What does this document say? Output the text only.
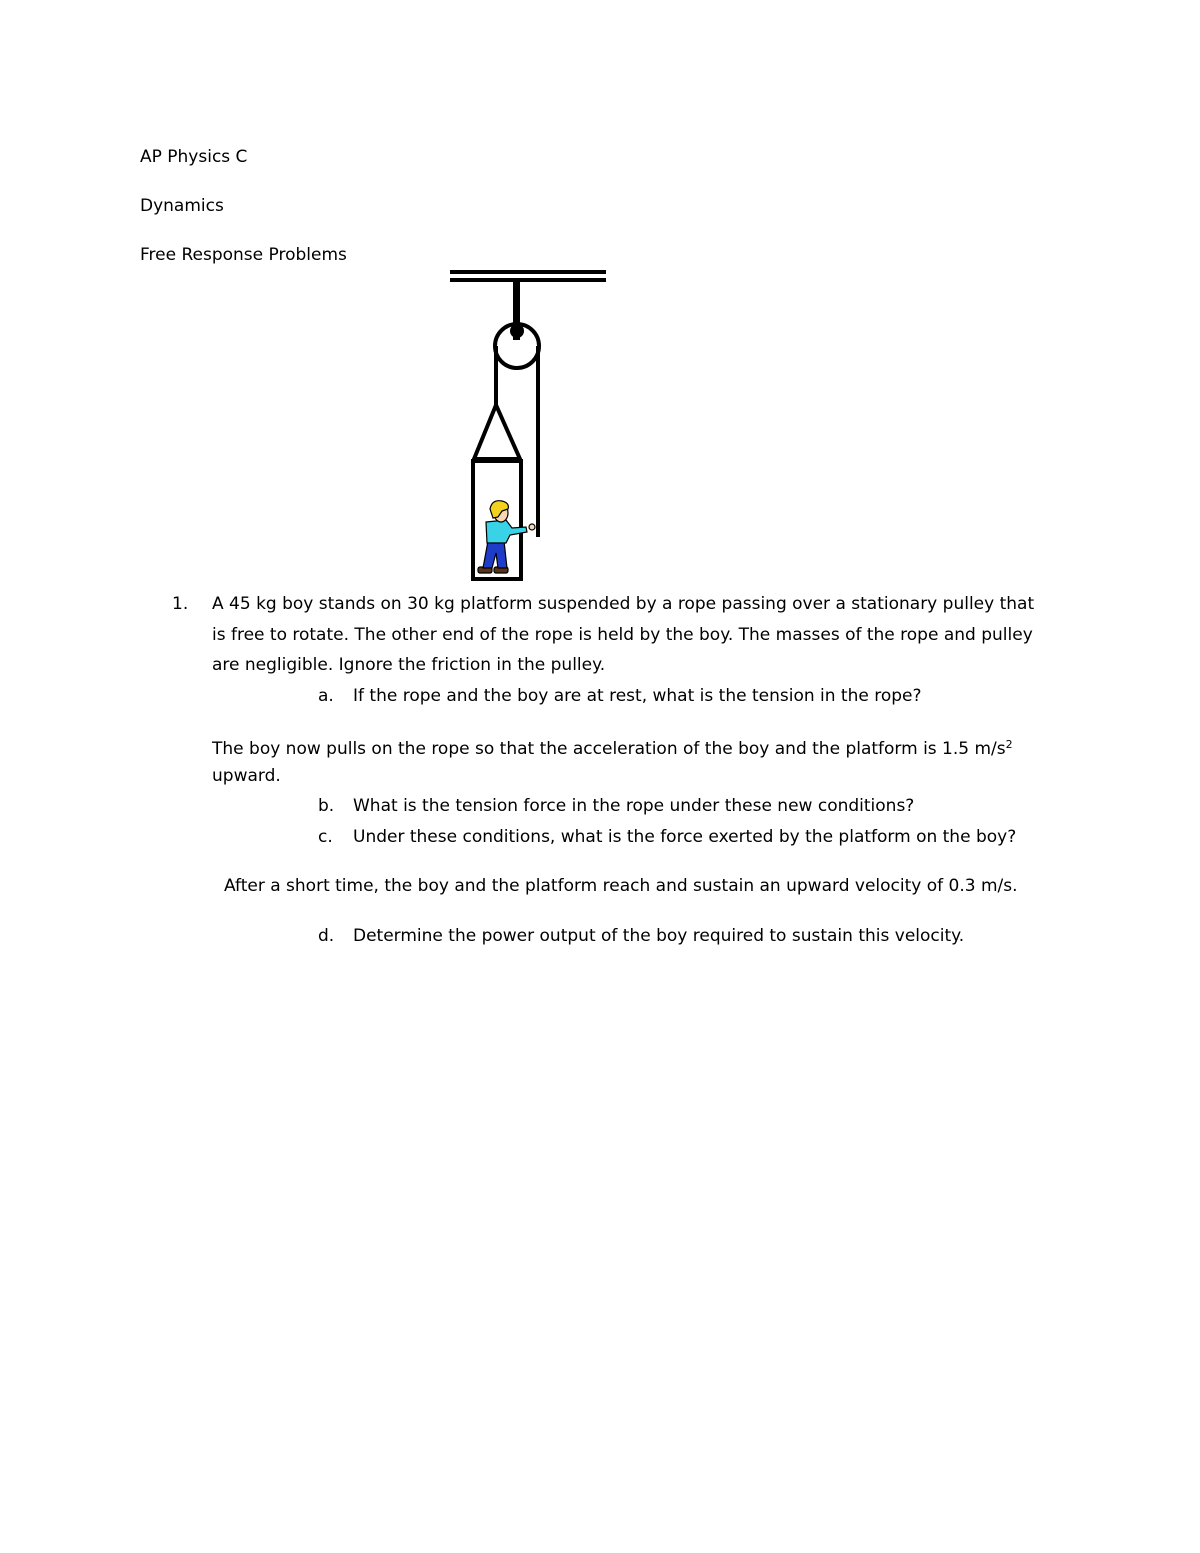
AP Physics C
Dynamics
Free Response Problems
1. A 45 kg boy stands on 30 kg platform suspended by a rope passing over a stationary pulley that
is free to rotate. The other end of the rope is held by the boy. The masses of the rope and pulley
are negligible. Ignore the friction in the pulley.
a. If the rope and the boy are at rest, what is the tension in the rope?
The boy now pulls on the rope so that the acceleration of the boy and the platform is 1.5 $m/s^2$
upward.
b. What is the tension force in the rope under these new conditions?
c. Under these conditions, what is the force exerted by the platform on the boy?
After a short time, the boy and the platform reach and sustain an upward velocity of 0.3 m/s.
d. Determine the power output of the boy required to sustain this velocity.
